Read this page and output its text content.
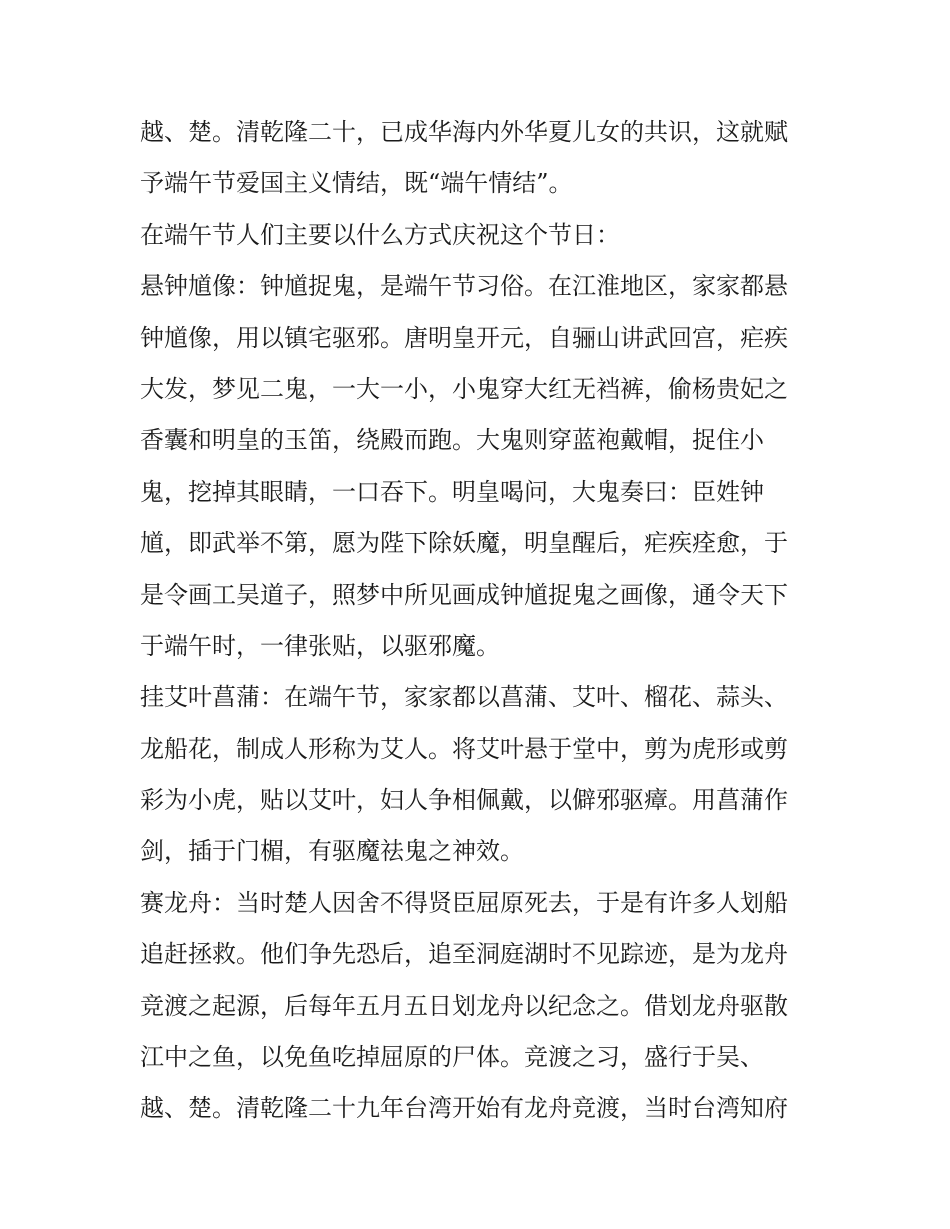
越、楚。清乾隆二十，已成华海内外华夏儿女的共识，这就赋
予端午节爱国主义情结，既“端午情结”。
在端午节人们主要以什么方式庆祝这个节日：
悬钟馗像：钟馗捉鬼，是端午节习俗。在江淮地区，家家都悬
钟馗像，用以镇宅驱邪。唐明皇开元，自骊山讲武回宫，疟疾
大发，梦见二鬼，一大一小，小鬼穿大红无裆裤，偷杨贵妃之
香囊和明皇的玉笛，绕殿而跑。大鬼则穿蓝袍戴帽，捉住小
鬼，挖掉其眼睛，一口吞下。明皇喝问，大鬼奏曰：臣姓钟
馗，即武举不第，愿为陛下除妖魔，明皇醒后，疟疾痊愈，于
是令画工吴道子，照梦中所见画成钟馗捉鬼之画像，通令天下
于端午时，一律张贴，以驱邪魔。
挂艾叶菖蒲：在端午节，家家都以菖蒲、艾叶、榴花、蒜头、
龙船花，制成人形称为艾人。将艾叶悬于堂中，剪为虎形或剪
彩为小虎，贴以艾叶，妇人争相佩戴，以僻邪驱瘴。用菖蒲作
剑，插于门楣，有驱魔祛鬼之神效。
赛龙舟：当时楚人因舍不得贤臣屈原死去，于是有许多人划船
追赶拯救。他们争先恐后，追至洞庭湖时不见踪迹，是为龙舟
竞渡之起源，后每年五月五日划龙舟以纪念之。借划龙舟驱散
江中之鱼，以免鱼吃掉屈原的尸体。竞渡之习，盛行于吴、
越、楚。清乾隆二十九年台湾开始有龙舟竞渡，当时台湾知府
